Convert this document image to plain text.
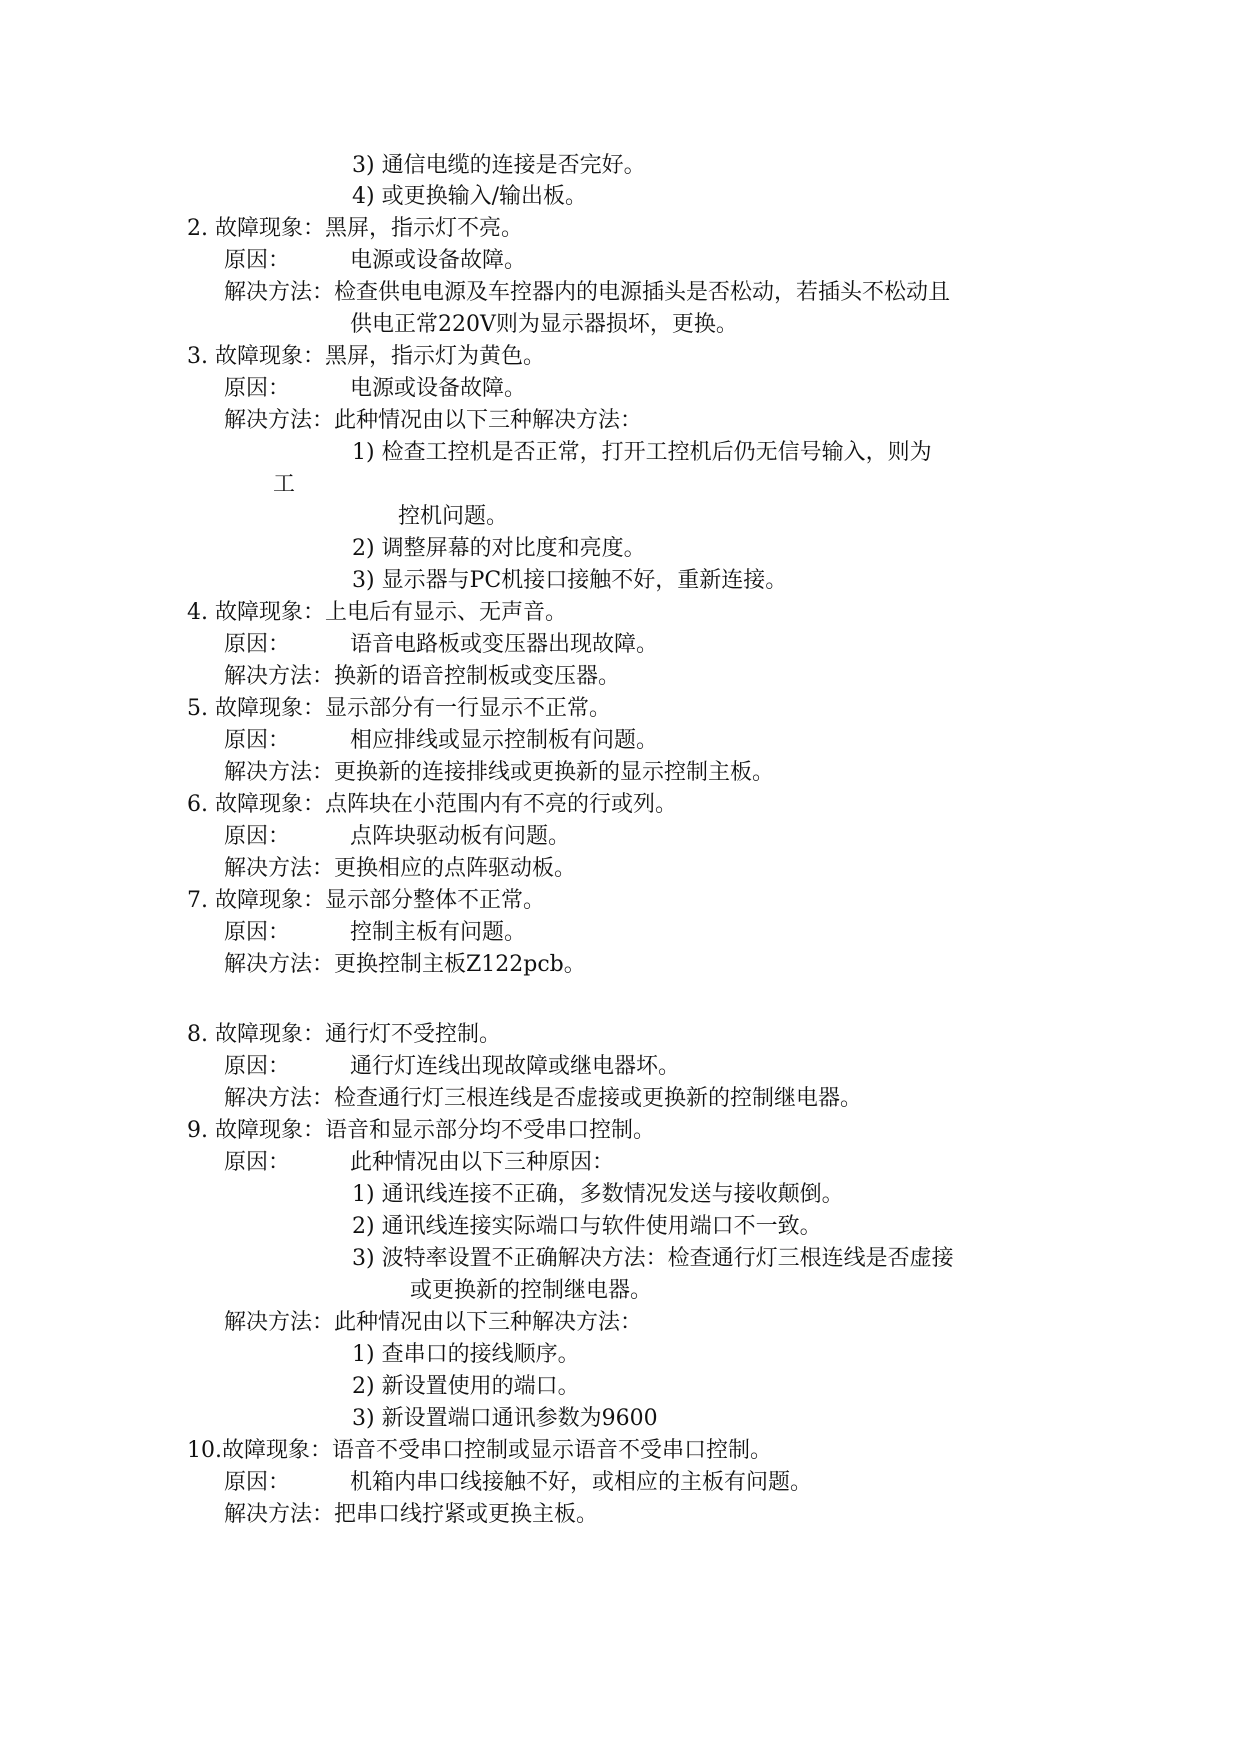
3) 通信电缆的连接是否完好。
4) 或更换输入/输出板。
2. 故障现象：黑屏，指示灯不亮。
原因：	电源或设备故障。
解决方法：检查供电电源及车控器内的电源插头是否松动，若插头不松动且
供电正常220V则为显示器损坏，更换。
3. 故障现象：黑屏，指示灯为黄色。
原因：	电源或设备故障。
解决方法：此种情况由以下三种解决方法：
1) 检查工控机是否正常，打开工控机后仍无信号输入，则为
工
控机问题。
2) 调整屏幕的对比度和亮度。
3) 显示器与PC机接口接触不好，重新连接。
4. 故障现象：上电后有显示、无声音。
原因：	语音电路板或变压器出现故障。
解决方法：换新的语音控制板或变压器。
5. 故障现象：显示部分有一行显示不正常。
原因：	相应排线或显示控制板有问题。
解决方法：更换新的连接排线或更换新的显示控制主板。
6. 故障现象：点阵块在小范围内有不亮的行或列。
原因：	点阵块驱动板有问题。
解决方法：更换相应的点阵驱动板。
7. 故障现象：显示部分整体不正常。
原因：	控制主板有问题。
解决方法：更换控制主板Z122pcb。
8. 故障现象：通行灯不受控制。
原因：	通行灯连线出现故障或继电器坏。
解决方法：检查通行灯三根连线是否虚接或更换新的控制继电器。
9. 故障现象：语音和显示部分均不受串口控制。
原因：	此种情况由以下三种原因：
1) 通讯线连接不正确，多数情况发送与接收颠倒。
2) 通讯线连接实际端口与软件使用端口不一致。
3) 波特率设置不正确解决方法：检查通行灯三根连线是否虚接
或更换新的控制继电器。
解决方法：此种情况由以下三种解决方法：
1) 查串口的接线顺序。
2) 新设置使用的端口。
3) 新设置端口通讯参数为9600
10.故障现象：语音不受串口控制或显示语音不受串口控制。
原因：	机箱内串口线接触不好，或相应的主板有问题。
解决方法：把串口线拧紧或更换主板。
